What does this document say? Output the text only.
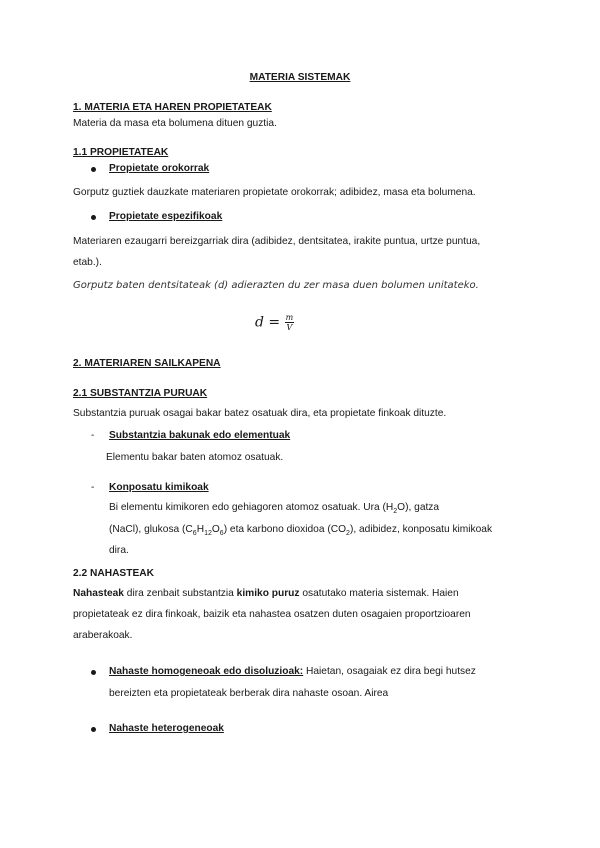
MATERIA SISTEMAK
1. MATERIA ETA HAREN PROPIETATEAK
Materia da masa eta bolumena dituen guztia.
1.1 PROPIETATEAK
Propietate orokorrak
Gorputz guztiek dauzkate materiaren propietate orokorrak; adibidez, masa eta bolumena.
Propietate espezifikoak
Materiaren ezaugarri bereizgarriak dira (adibidez, dentsitatea, irakite puntua, urtze puntua,
etab.).
Gorputz baten dentsitateak (d) adierazten du zer masa duen bolumen unitateko.
$d = \frac{m}{V}$
2. MATERIAREN SAILKAPENA
2.1 SUBSTANTZIA PURUAK
Substantzia puruak osagai bakar batez osatuak dira, eta propietate finkoak dituzte.
- Substantzia bakunak edo elementuak
Elementu bakar baten atomoz osatuak.
- Konposatu kimikoak
Bi elementu kimikoren edo gehiagoren atomoz osatuak. Ura $(H_2O)$, gatza
(NaCl), glukosa $(C_6H_{12}O_6)$ eta karbono dioxidoa $(CO_2)$, adibidez, konposatu kimikoak
dira.
2.2 NAHASTEAK
Nahasteak dira zenbait substantzia kimiko puruz osatutako materia sistemak. Haien
propietateak ez dira finkoak, baizik eta nahastea osatzen duten osagaien proportzioaren
araberakoak.
Nahaste homogeneoak edo disoluzioak: Haietan, osagaiak ez dira begi hutsez
bereizten eta propietateak berberak dira nahaste osoan. Airea
Nahaste heterogeneoak
